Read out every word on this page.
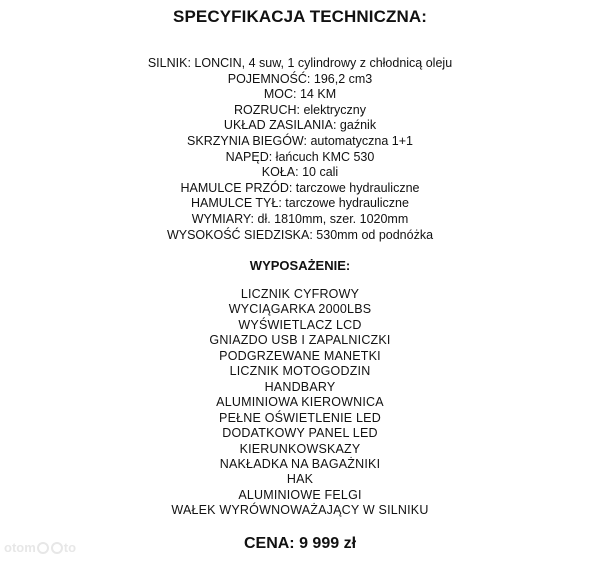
SPECYFIKACJA TECHNICZNA:
SILNIK: LONCIN, 4 suw, 1 cylindrowy z chłodnicą oleju
POJEMNOŚĆ: 196,2 cm3
MOC: 14 KM
ROZRUCH: elektryczny
UKŁAD ZASILANIA: gaźnik
SKRZYNIA BIEGÓW: automatyczna 1+1
NAPĘD: łańcuch KMC 530
KOŁA: 10 cali
HAMULCE PRZÓD: tarczowe hydrauliczne
HAMULCE TYŁ: tarczowe hydrauliczne
WYMIARY: dł. 1810mm, szer. 1020mm
WYSOKOŚĆ SIEDZISKA: 530mm od podnóżka
WYPOSAŻENIE:
LICZNIK CYFROWY
WYCIĄGARKA 2000LBS
WYŚWIETLACZ LCD
GNIAZDO USB I ZAPALNICZKI
PODGRZEWANE MANETKI
LICZNIK MOTOGODZIN
HANDBARY
ALUMINIOWA KIEROWNICA
PEŁNE OŚWIETLENIE LED
DODATKOWY PANEL LED
KIERUNKOWSKAZY
NAKŁADKA NA BAGAŻNIKI
HAK
ALUMINIOWE FELGI
WAŁEK WYRÓWNOWAŻAJĄCY W SILNIKU
CENA: 9 999 zł
otom to
